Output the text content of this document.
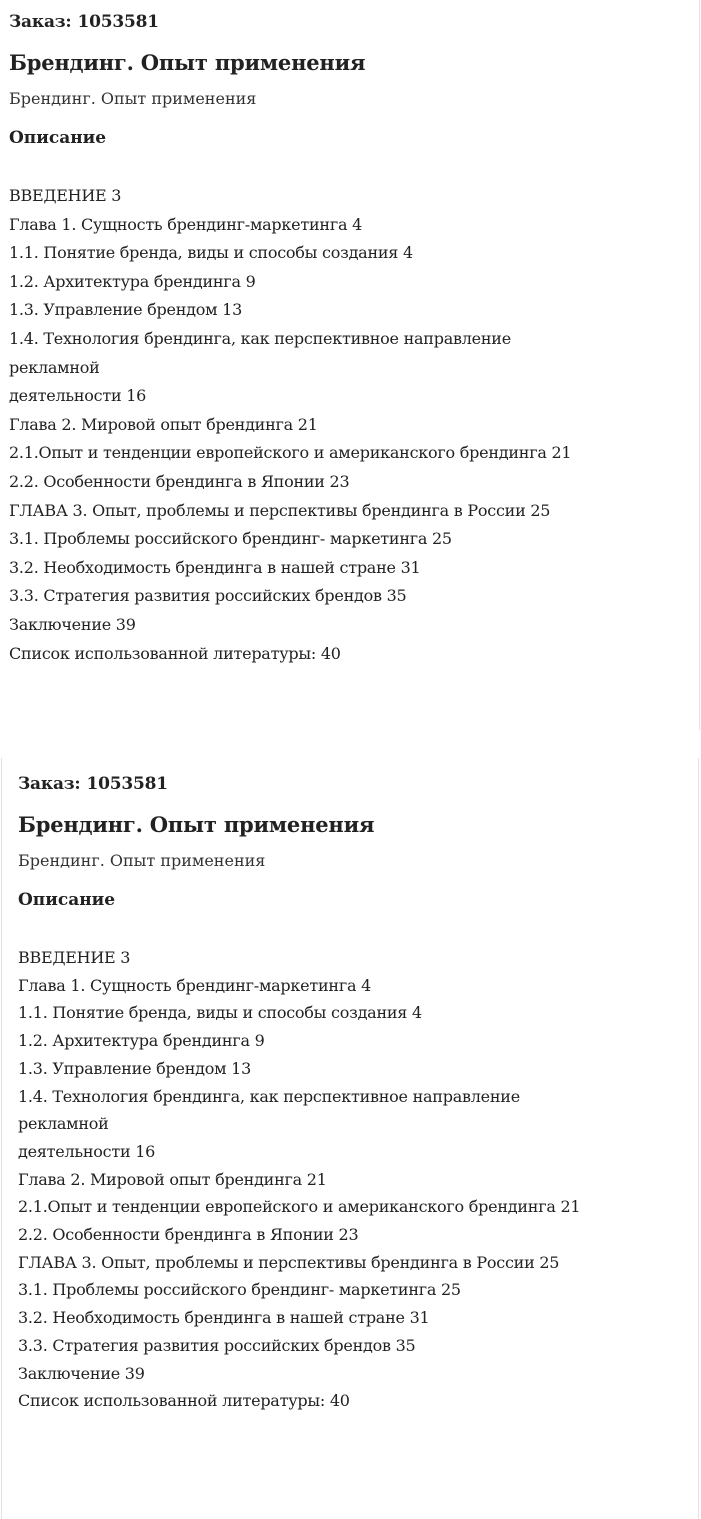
Заказ: 1053581

Брендинг. Опыт применения

Брендинг. Опыт применения

Описание
ВВЕДЕНИЕ 3
Глава 1. Сущность брендинг-маркетинга 4
1.1. Понятие бренда, виды и способы создания 4
1.2. Архитектура брендинга 9
1.3. Управление брендом 13
1.4. Технология брендинга, как перспективное направление
рекламной
деятельности 16
Глава 2. Мировой опыт брендинга 21
2.1.Опыт и тенденции европейского и американского брендинга 21
2.2. Особенности брендинга в Японии 23
ГЛАВА 3. Опыт, проблемы и перспективы брендинга в России 25
3.1. Проблемы российского брендинг- маркетинга 25
3.2. Необходимость брендинга в нашей стране 31
3.3. Стратегия развития российских брендов 35
Заключение 39
Список использованной литературы: 40

Заказ: 1053581

Брендинг. Опыт применения

Брендинг. Опыт применения

Описание
ВВЕДЕНИЕ 3
Глава 1. Сущность брендинг-маркетинга 4
1.1. Понятие бренда, виды и способы создания 4
1.2. Архитектура брендинга 9
1.3. Управление брендом 13
1.4. Технология брендинга, как перспективное направление
рекламной
деятельности 16
Глава 2. Мировой опыт брендинга 21
2.1.Опыт и тенденции европейского и американского брендинга 21
2.2. Особенности брендинга в Японии 23
ГЛАВА 3. Опыт, проблемы и перспективы брендинга в России 25
3.1. Проблемы российского брендинг- маркетинга 25
3.2. Необходимость брендинга в нашей стране 31
3.3. Стратегия развития российских брендов 35
Заключение 39
Список использованной литературы: 40
